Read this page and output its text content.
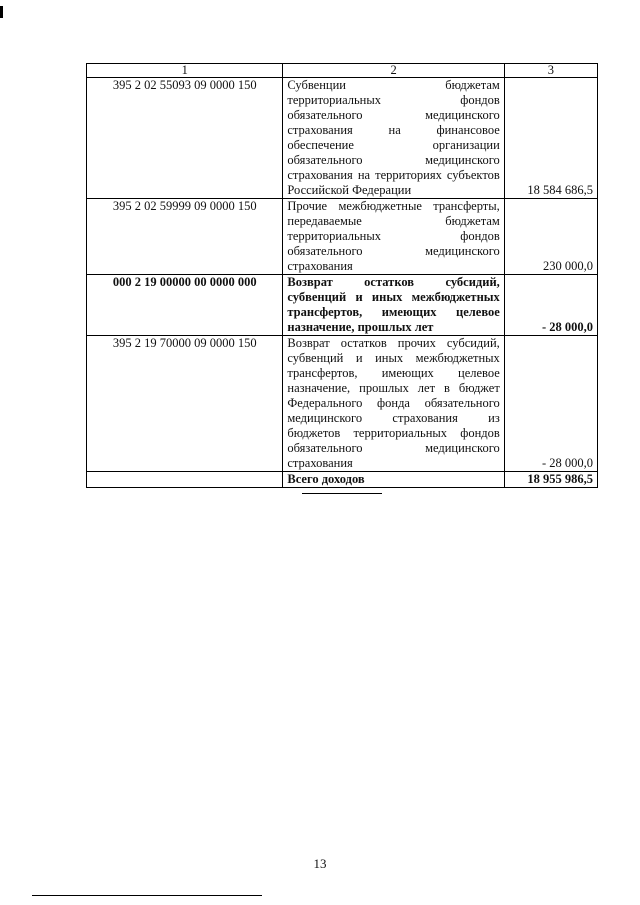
1	2	3
395 2 02 55093 09 0000 150	Субвенции бюджетам территориальных фондов обязательного медицинского страхования на финансовое обеспечение организации обязательного медицинского страхования на территориях субъектов Российской Федерации	18 584 686,5
395 2 02 59999 09 0000 150	Прочие межбюджетные трансферты, передаваемые бюджетам территориальных фондов обязательного медицинского страхования	230 000,0
000 2 19 00000 00 0000 000	Возврат остатков субсидий, субвенций и иных межбюджетных трансфертов, имеющих целевое назначение, прошлых лет	- 28 000,0
395 2 19 70000 09 0000 150	Возврат остатков прочих субсидий, субвенций и иных межбюджетных трансфертов, имеющих целевое назначение, прошлых лет в бюджет Федерального фонда обязательного медицинского страхования из бюджетов территориальных фондов обязательного медицинского страхования	- 28 000,0
	Всего доходов	18 955 986,5
13
